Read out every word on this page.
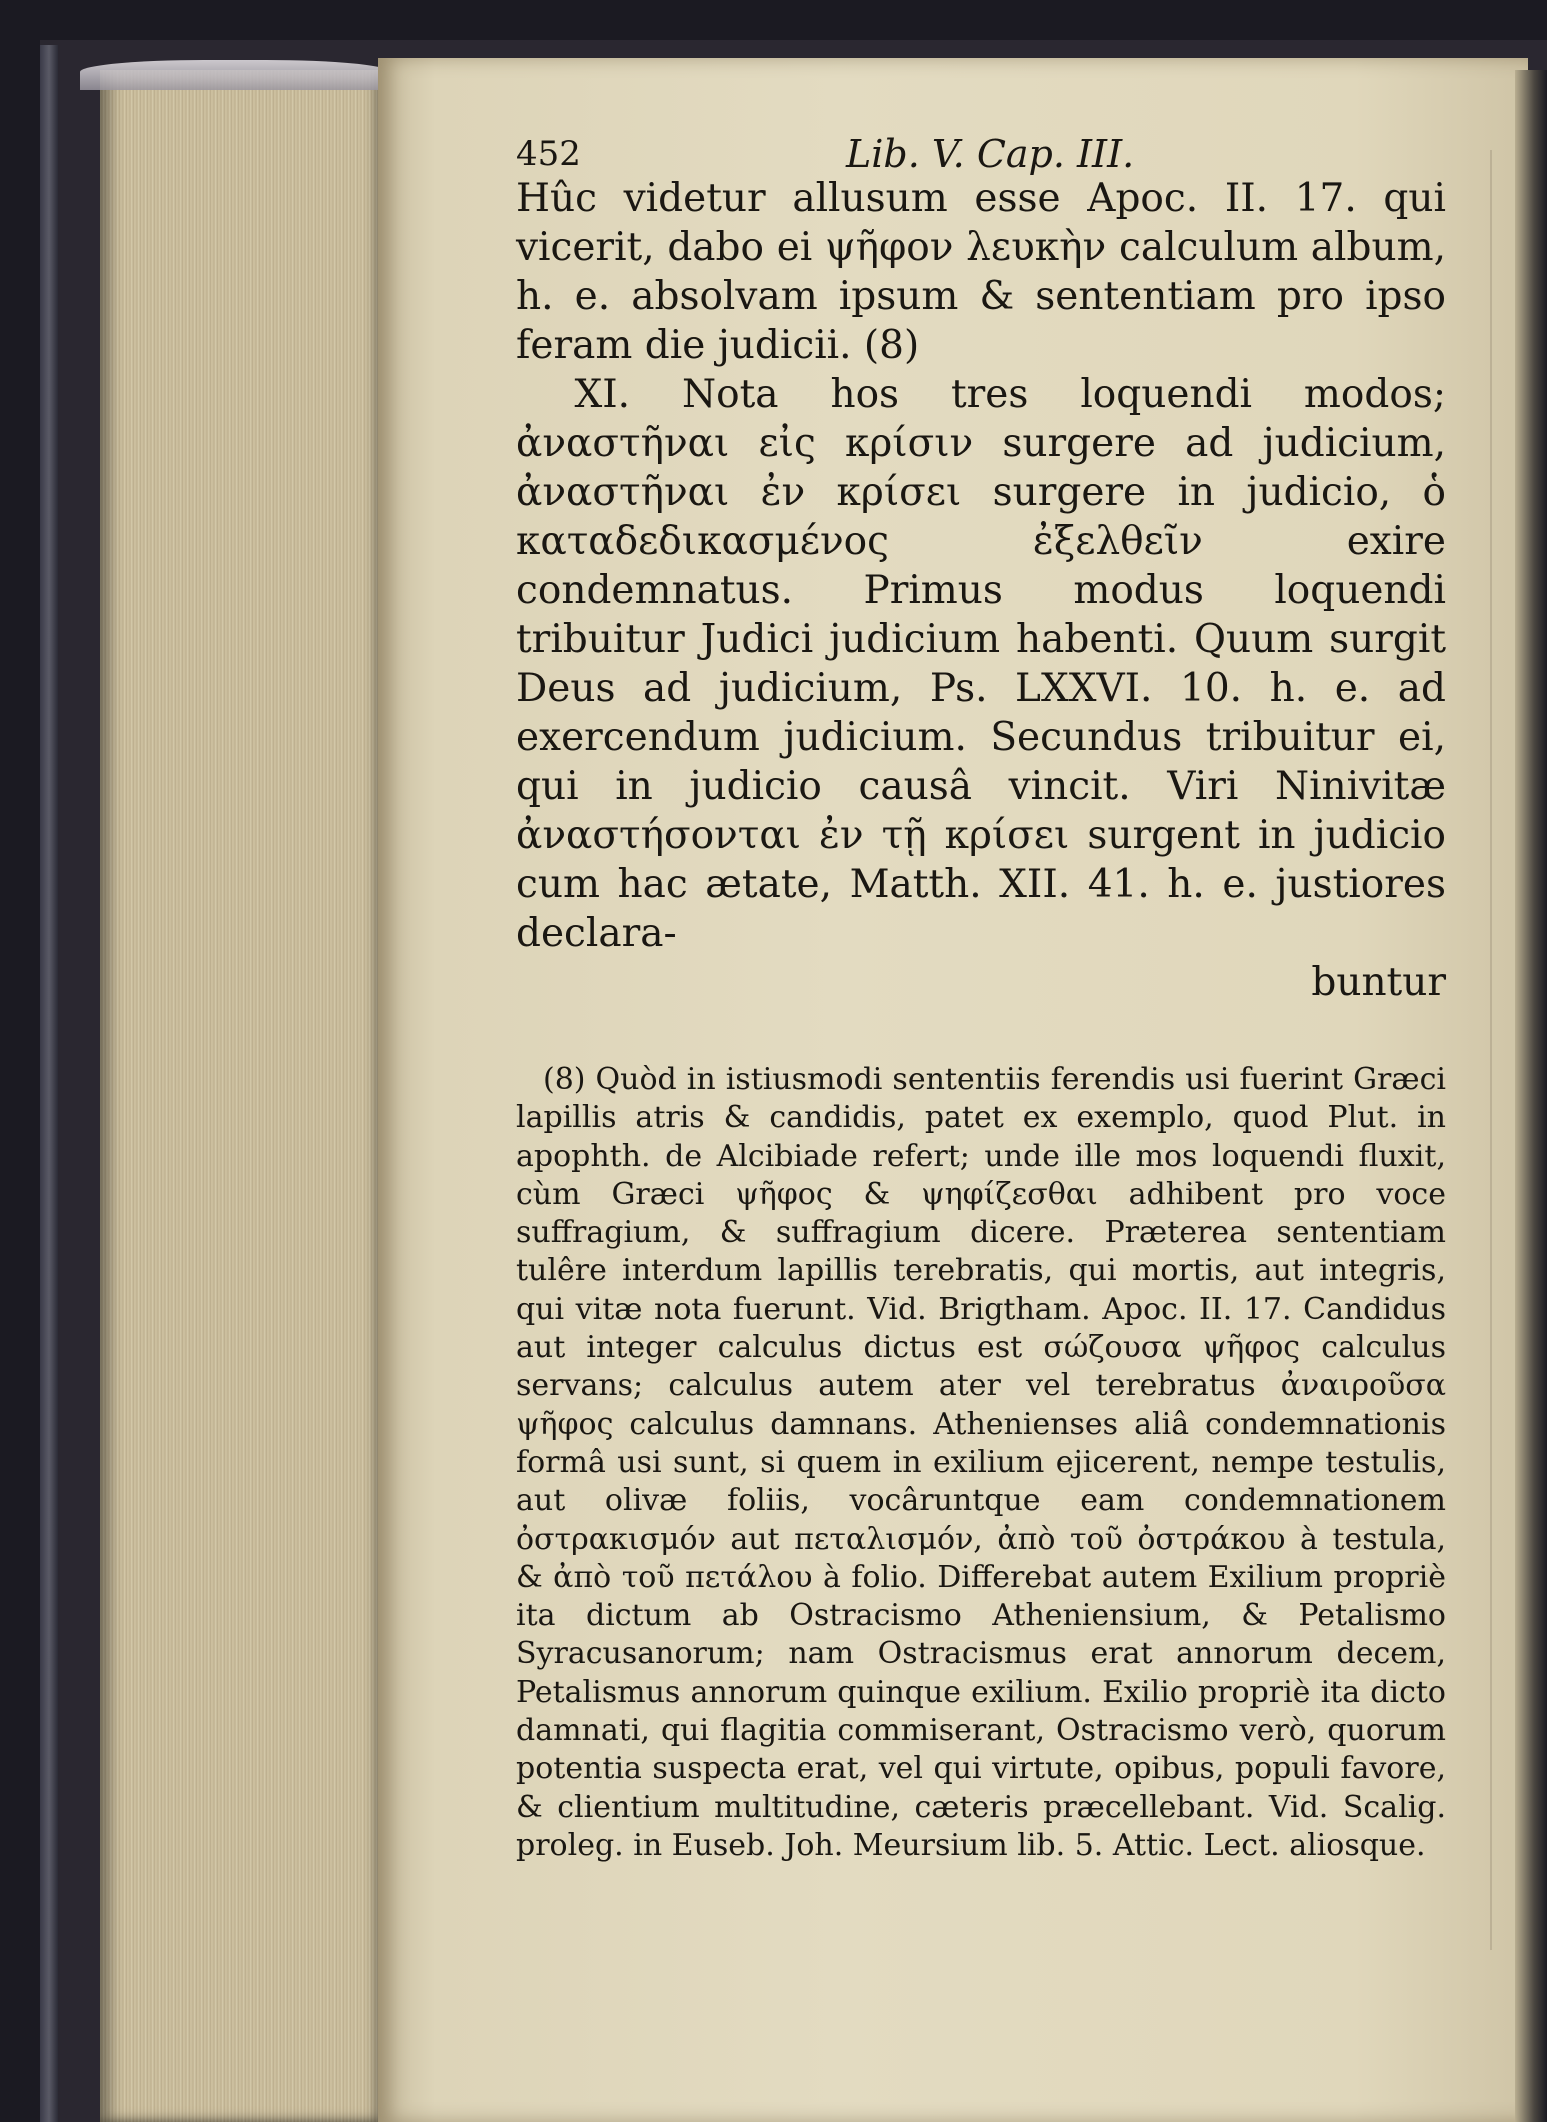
452	Lib. V. Cap. III.

Hûc videtur allusum esse Apoc. II. 17. qui vicerit, dabo ei ψῆφον λευκὴν calculum album, h. e. absolvam ipsum & sententiam pro ipso feram die judicii. (8)

XI. Nota hos tres loquendi modos; ἀναστῆναι εἰς κρίσιν surgere ad judicium, ἀναστῆναι ἐν κρίσει surgere in judicio, ὁ καταδεδικασμένος ἐξελθεῖν exire condemnatus. Primus modus loquendi tribuitur Judici judicium habenti. Quum surgit Deus ad judicium, Ps. LXXVI. 10. h. e. ad exercendum judicium. Secundus tribuitur ei, qui in judicio causâ vincit. Viri Ninivitæ ἀναστήσονται ἐν τῇ κρίσει surgent in judicio cum hac ætate, Matth. XII. 41. h. e. justiores declara-

buntur

(8) Quòd in istiusmodi sententiis ferendis usi fuerint Græci lapillis atris & candidis, patet ex exemplo, quod Plut. in apophth. de Alcibiade refert; unde ille mos loquendi fluxit, cùm Græci ψῆφος & ψηφίζεσθαι adhibent pro voce suffragium, & suffragium dicere. Præterea sententiam tulêre interdum lapillis terebratis, qui mortis, aut integris, qui vitæ nota fuerunt. Vid. Brigtham. Apoc. II. 17. Candidus aut integer calculus dictus est σώζουσα ψῆφος calculus servans; calculus autem ater vel terebratus ἀναιροῦσα ψῆφος calculus damnans. Athenienses aliâ condemnationis formâ usi sunt, si quem in exilium ejicerent, nempe testulis, aut olivæ foliis, vocâruntque eam condemnationem ὀστρακισμόν aut πεταλισμόν, ἀπὸ τοῦ ὀστράκου à testula, & ἀπὸ τοῦ πετάλου à folio. Differebat autem Exilium propriè ita dictum ab Ostracismo Atheniensium, & Petalismo Syracusanorum; nam Ostracismus erat annorum decem, Petalismus annorum quinque exilium. Exilio propriè ita dicto damnati, qui flagitia commiserant, Ostracismo verò, quorum potentia suspecta erat, vel qui virtute, opibus, populi favore, & clientium multitudine, cæteris præcellebant. Vid. Scalig. proleg. in Euseb. Joh. Meursium lib. 5. Attic. Lect. aliosque.
